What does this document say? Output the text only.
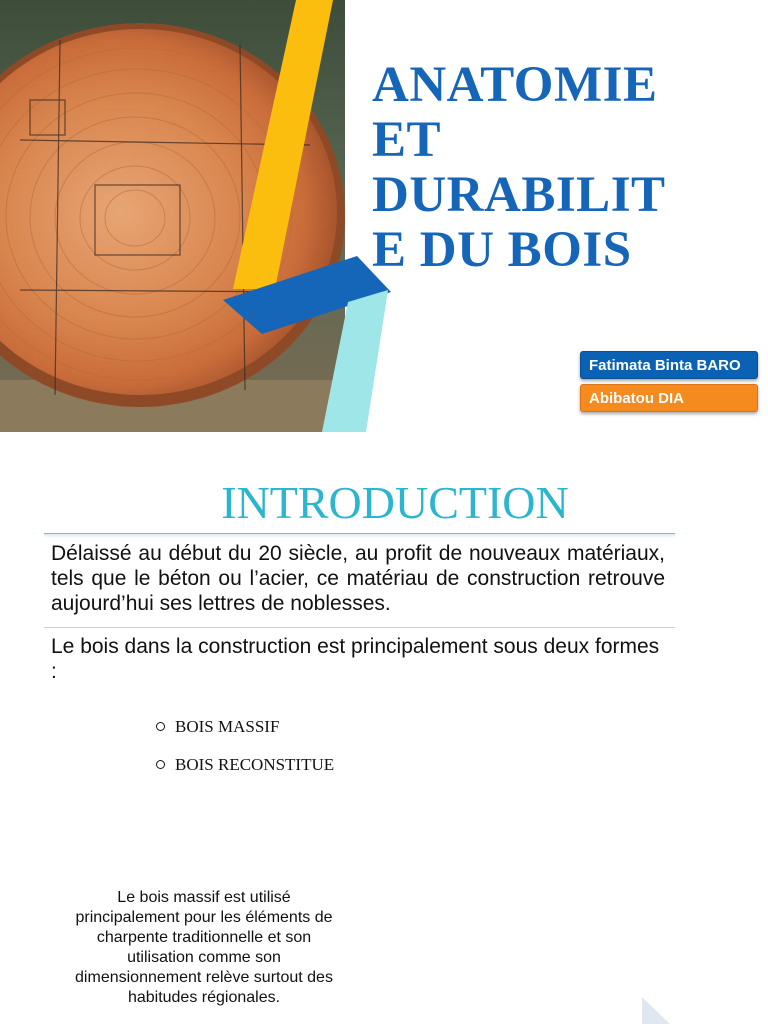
ANATOMIE
ET
DURABILIT
E DU BOIS
Fatimata Binta BARO
Abibatou DIA
INTRODUCTION

Délaissé au début du 20 siècle, au profit de nouveaux matériaux, tels que le béton ou l’acier, ce matériau de construction retrouve aujourd’hui ses lettres de noblesses.

Le bois dans la construction est principalement sous deux formes :

BOIS MASSIF
BOIS RECONSTITUE

Le bois massif est utilisé principalement pour les éléments de charpente traditionnelle et son utilisation comme son dimensionnement relève surtout des habitudes régionales.
